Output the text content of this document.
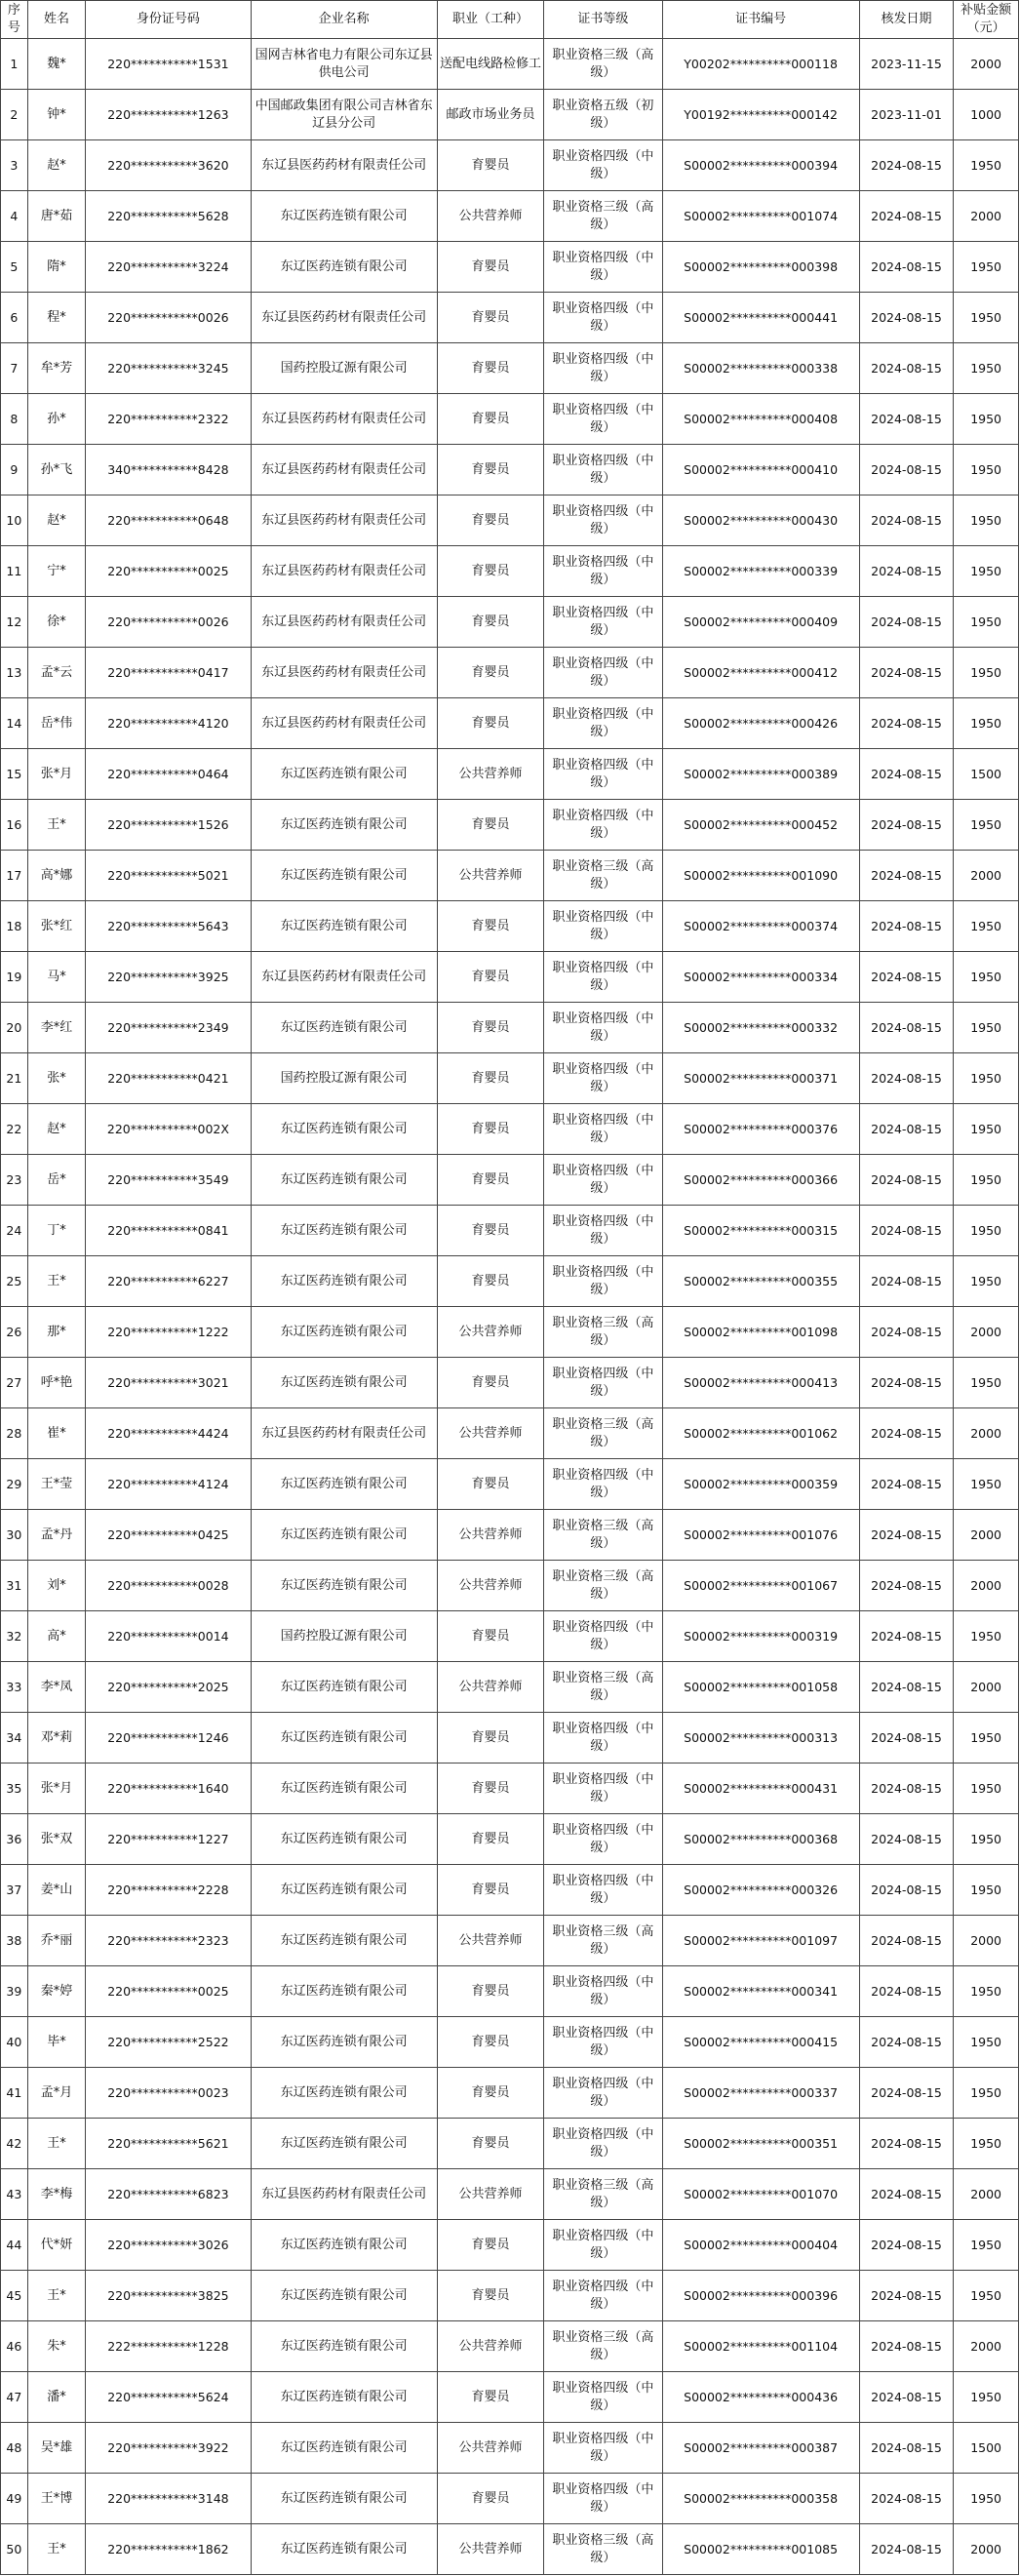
序号	姓名	身份证号码	企业名称	职业（工种）	证书等级	证书编号	核发日期	补贴金额（元）
1	魏*	220***********1531	国网吉林省电力有限公司东辽县供电公司	送配电线路检修工	职业资格三级（高级）	Y00202**********000118	2023-11-15	2000
2	钟*	220***********1263	中国邮政集团有限公司吉林省东辽县分公司	邮政市场业务员	职业资格五级（初级）	Y00192**********000142	2023-11-01	1000
3	赵*	220***********3620	东辽县医药药材有限责任公司	育婴员	职业资格四级（中级）	S00002**********000394	2024-08-15	1950
4	唐*茹	220***********5628	东辽医药连锁有限公司	公共营养师	职业资格三级（高级）	S00002**********001074	2024-08-15	2000
5	隋*	220***********3224	东辽医药连锁有限公司	育婴员	职业资格四级（中级）	S00002**********000398	2024-08-15	1950
6	程*	220***********0026	东辽县医药药材有限责任公司	育婴员	职业资格四级（中级）	S00002**********000441	2024-08-15	1950
7	牟*芳	220***********3245	国药控股辽源有限公司	育婴员	职业资格四级（中级）	S00002**********000338	2024-08-15	1950
8	孙*	220***********2322	东辽县医药药材有限责任公司	育婴员	职业资格四级（中级）	S00002**********000408	2024-08-15	1950
9	孙*飞	340***********8428	东辽县医药药材有限责任公司	育婴员	职业资格四级（中级）	S00002**********000410	2024-08-15	1950
10	赵*	220***********0648	东辽县医药药材有限责任公司	育婴员	职业资格四级（中级）	S00002**********000430	2024-08-15	1950
11	宁*	220***********0025	东辽县医药药材有限责任公司	育婴员	职业资格四级（中级）	S00002**********000339	2024-08-15	1950
12	徐*	220***********0026	东辽县医药药材有限责任公司	育婴员	职业资格四级（中级）	S00002**********000409	2024-08-15	1950
13	孟*云	220***********0417	东辽县医药药材有限责任公司	育婴员	职业资格四级（中级）	S00002**********000412	2024-08-15	1950
14	岳*伟	220***********4120	东辽县医药药材有限责任公司	育婴员	职业资格四级（中级）	S00002**********000426	2024-08-15	1950
15	张*月	220***********0464	东辽医药连锁有限公司	公共营养师	职业资格四级（中级）	S00002**********000389	2024-08-15	1500
16	王*	220***********1526	东辽医药连锁有限公司	育婴员	职业资格四级（中级）	S00002**********000452	2024-08-15	1950
17	高*娜	220***********5021	东辽医药连锁有限公司	公共营养师	职业资格三级（高级）	S00002**********001090	2024-08-15	2000
18	张*红	220***********5643	东辽医药连锁有限公司	育婴员	职业资格四级（中级）	S00002**********000374	2024-08-15	1950
19	马*	220***********3925	东辽县医药药材有限责任公司	育婴员	职业资格四级（中级）	S00002**********000334	2024-08-15	1950
20	李*红	220***********2349	东辽医药连锁有限公司	育婴员	职业资格四级（中级）	S00002**********000332	2024-08-15	1950
21	张*	220***********0421	国药控股辽源有限公司	育婴员	职业资格四级（中级）	S00002**********000371	2024-08-15	1950
22	赵*	220***********002X	东辽医药连锁有限公司	育婴员	职业资格四级（中级）	S00002**********000376	2024-08-15	1950
23	岳*	220***********3549	东辽医药连锁有限公司	育婴员	职业资格四级（中级）	S00002**********000366	2024-08-15	1950
24	丁*	220***********0841	东辽医药连锁有限公司	育婴员	职业资格四级（中级）	S00002**********000315	2024-08-15	1950
25	王*	220***********6227	东辽医药连锁有限公司	育婴员	职业资格四级（中级）	S00002**********000355	2024-08-15	1950
26	那*	220***********1222	东辽医药连锁有限公司	公共营养师	职业资格三级（高级）	S00002**********001098	2024-08-15	2000
27	呼*艳	220***********3021	东辽医药连锁有限公司	育婴员	职业资格四级（中级）	S00002**********000413	2024-08-15	1950
28	崔*	220***********4424	东辽县医药药材有限责任公司	公共营养师	职业资格三级（高级）	S00002**********001062	2024-08-15	2000
29	王*莹	220***********4124	东辽医药连锁有限公司	育婴员	职业资格四级（中级）	S00002**********000359	2024-08-15	1950
30	孟*丹	220***********0425	东辽医药连锁有限公司	公共营养师	职业资格三级（高级）	S00002**********001076	2024-08-15	2000
31	刘*	220***********0028	东辽医药连锁有限公司	公共营养师	职业资格三级（高级）	S00002**********001067	2024-08-15	2000
32	高*	220***********0014	国药控股辽源有限公司	育婴员	职业资格四级（中级）	S00002**********000319	2024-08-15	1950
33	李*凤	220***********2025	东辽医药连锁有限公司	公共营养师	职业资格三级（高级）	S00002**********001058	2024-08-15	2000
34	邓*莉	220***********1246	东辽医药连锁有限公司	育婴员	职业资格四级（中级）	S00002**********000313	2024-08-15	1950
35	张*月	220***********1640	东辽医药连锁有限公司	育婴员	职业资格四级（中级）	S00002**********000431	2024-08-15	1950
36	张*双	220***********1227	东辽医药连锁有限公司	育婴员	职业资格四级（中级）	S00002**********000368	2024-08-15	1950
37	姜*山	220***********2228	东辽医药连锁有限公司	育婴员	职业资格四级（中级）	S00002**********000326	2024-08-15	1950
38	乔*丽	220***********2323	东辽医药连锁有限公司	公共营养师	职业资格三级（高级）	S00002**********001097	2024-08-15	2000
39	秦*婷	220***********0025	东辽医药连锁有限公司	育婴员	职业资格四级（中级）	S00002**********000341	2024-08-15	1950
40	毕*	220***********2522	东辽医药连锁有限公司	育婴员	职业资格四级（中级）	S00002**********000415	2024-08-15	1950
41	孟*月	220***********0023	东辽医药连锁有限公司	育婴员	职业资格四级（中级）	S00002**********000337	2024-08-15	1950
42	王*	220***********5621	东辽医药连锁有限公司	育婴员	职业资格四级（中级）	S00002**********000351	2024-08-15	1950
43	李*梅	220***********6823	东辽县医药药材有限责任公司	公共营养师	职业资格三级（高级）	S00002**********001070	2024-08-15	2000
44	代*妍	220***********3026	东辽医药连锁有限公司	育婴员	职业资格四级（中级）	S00002**********000404	2024-08-15	1950
45	王*	220***********3825	东辽医药连锁有限公司	育婴员	职业资格四级（中级）	S00002**********000396	2024-08-15	1950
46	朱*	222***********1228	东辽医药连锁有限公司	公共营养师	职业资格三级（高级）	S00002**********001104	2024-08-15	2000
47	潘*	220***********5624	东辽医药连锁有限公司	育婴员	职业资格四级（中级）	S00002**********000436	2024-08-15	1950
48	吴*雄	220***********3922	东辽医药连锁有限公司	公共营养师	职业资格四级（中级）	S00002**********000387	2024-08-15	1500
49	王*博	220***********3148	东辽医药连锁有限公司	育婴员	职业资格四级（中级）	S00002**********000358	2024-08-15	1950
50	王*	220***********1862	东辽医药连锁有限公司	公共营养师	职业资格三级（高级）	S00002**********001085	2024-08-15	2000
